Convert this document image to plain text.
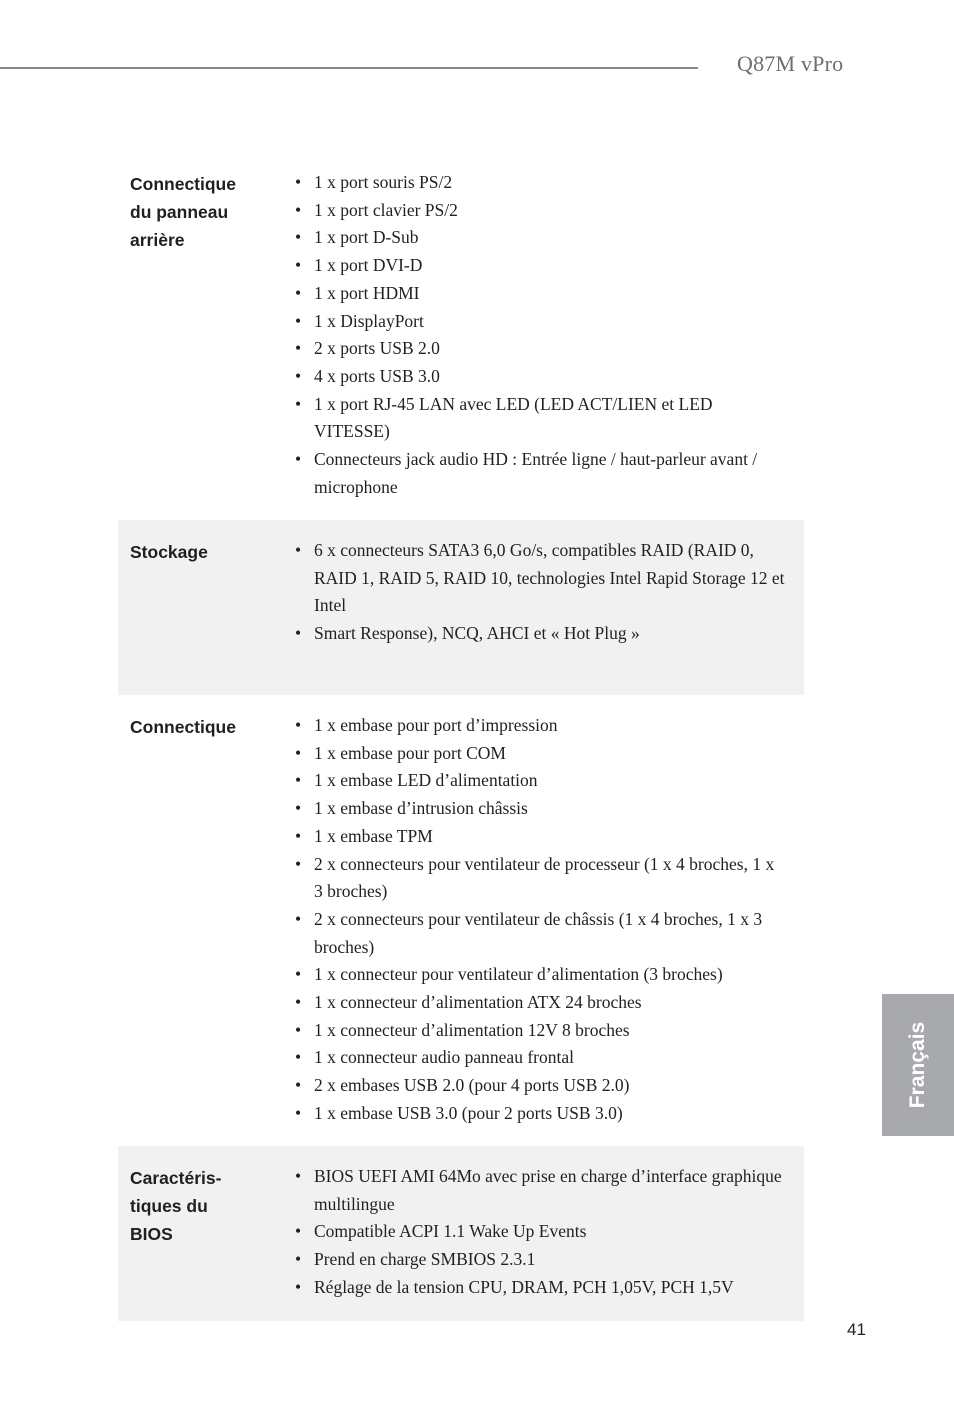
Q87M vPro
Connectique
du panneau
arrière
• 1 x port souris PS/2
• 1 x port clavier PS/2
• 1 x port D-Sub
• 1 x port DVI-D
• 1 x port HDMI
• 1 x DisplayPort
• 2 x ports USB 2.0
• 4 x ports USB 3.0
• 1 x port RJ-45 LAN avec LED (LED ACT/LIEN et LED VITESSE)
• Connecteurs jack audio HD : Entrée ligne / haut-parleur avant / microphone
Stockage	• 6 x connecteurs SATA3 6,0 Go/s, compatibles RAID (RAID 0, RAID 1, RAID 5, RAID 10, technologies Intel Rapid Storage 12 et Intel
• Smart Response), NCQ, AHCI et « Hot Plug »
Connectique	• 1 x embase pour port d’impression
• 1 x embase pour port COM
• 1 x embase LED d’alimentation
• 1 x embase d’intrusion châssis
• 1 x embase TPM
• 2 x connecteurs pour ventilateur de processeur (1 x 4 broches, 1 x 3 broches)
• 2 x connecteurs pour ventilateur de châssis (1 x 4 broches, 1 x 3 broches)
• 1 x connecteur pour ventilateur d’alimentation (3 broches)
• 1 x connecteur d’alimentation ATX 24 broches
• 1 x connecteur d’alimentation 12V 8 broches
• 1 x connecteur audio panneau frontal
• 2 x embases USB 2.0 (pour 4 ports USB 2.0)
• 1 x embase USB 3.0 (pour 2 ports USB 3.0)
Caractéris-
tiques du
BIOS
• BIOS UEFI AMI 64Mo avec prise en charge d’interface graphique multilingue
• Compatible ACPI 1.1 Wake Up Events
• Prend en charge SMBIOS 2.3.1
• Réglage de la tension CPU, DRAM, PCH 1,05V, PCH 1,5V
Français
41
